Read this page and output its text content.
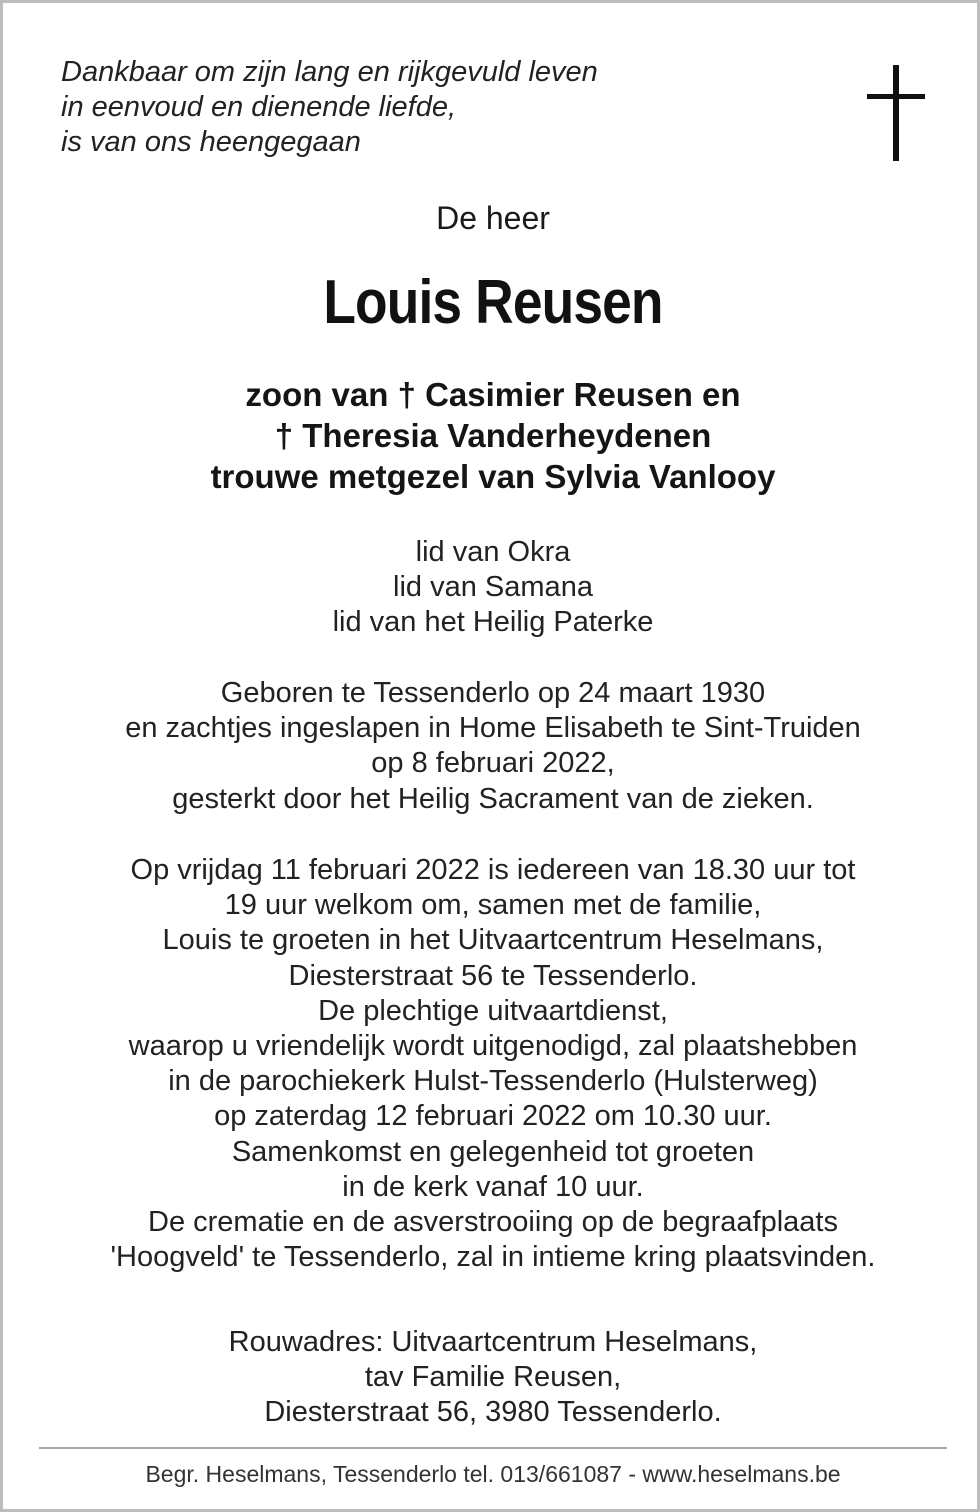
Dankbaar om zijn lang en rijkgevuld leven
in eenvoud en dienende liefde,
is van ons heengegaan
De heer
Louis Reusen
zoon van † Casimier Reusen en
† Theresia Vanderheydenen
trouwe metgezel van Sylvia Vanlooy
lid van Okra
lid van Samana
lid van het Heilig Paterke
Geboren te Tessenderlo op 24 maart 1930
en zachtjes ingeslapen in Home Elisabeth te Sint-Truiden
op 8 februari 2022,
gesterkt door het Heilig Sacrament van de zieken.
Op vrijdag 11 februari 2022 is iedereen van 18.30 uur tot
19 uur welkom om, samen met de familie,
Louis te groeten in het Uitvaartcentrum Heselmans,
Diesterstraat 56 te Tessenderlo.
De plechtige uitvaartdienst,
waarop u vriendelijk wordt uitgenodigd, zal plaatshebben
in de parochiekerk Hulst-Tessenderlo (Hulsterweg)
op zaterdag 12 februari 2022 om 10.30 uur.
Samenkomst en gelegenheid tot groeten
in de kerk vanaf 10 uur.
De crematie en de asverstrooiing op de begraafplaats
'Hoogveld' te Tessenderlo, zal in intieme kring plaatsvinden.
Rouwadres: Uitvaartcentrum Heselmans,
tav Familie Reusen,
Diesterstraat 56, 3980 Tessenderlo.
Begr. Heselmans, Tessenderlo tel. 013/661087 - www.heselmans.be
